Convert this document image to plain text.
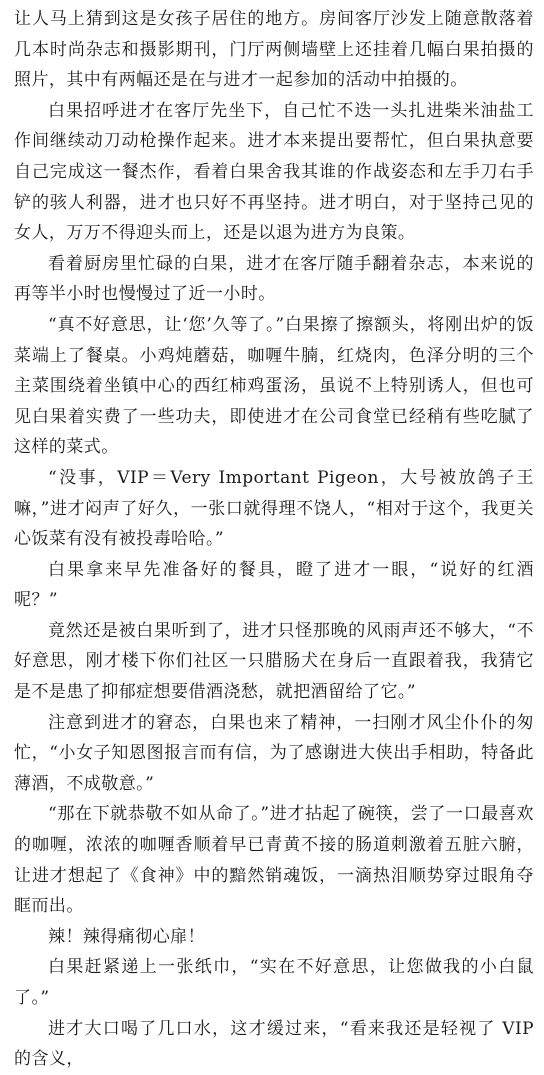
让人马上猜到这是女孩子居住的地方。房间客厅沙发上随意散落着几本时尚杂志和摄影期刊，门厅两侧墙壁上还挂着几幅白果拍摄的照片，其中有两幅还是在与进才一起参加的活动中拍摄的。

白果招呼进才在客厅先坐下，自己忙不迭一头扎进柴米油盐工作间继续动刀动枪操作起来。进才本来提出要帮忙，但白果执意要自己完成这一餐杰作，看着白果舍我其谁的作战姿态和左手刀右手铲的骇人利器，进才也只好不再坚持。进才明白，对于坚持己见的女人，万万不得迎头而上，还是以退为进方为良策。

看着厨房里忙碌的白果，进才在客厅随手翻着杂志，本来说的再等半小时也慢慢过了近一小时。

“真不好意思，让‘您’久等了。”白果擦了擦额头，将刚出炉的饭菜端上了餐桌。小鸡炖蘑菇，咖喱牛腩，红烧肉，色泽分明的三个主菜围绕着坐镇中心的西红柿鸡蛋汤，虽说不上特别诱人，但也可见白果着实费了一些功夫，即使进才在公司食堂已经稍有些吃腻了这样的菜式。

“没事，VIP＝Very Important Pigeon，大号被放鸽子王嘛，”进才闷声了好久，一张口就得理不饶人，“相对于这个，我更关心饭菜有没有被投毒哈哈。”

白果拿来早先准备好的餐具，瞪了进才一眼，“说好的红酒呢？”

竟然还是被白果听到了，进才只怪那晚的风雨声还不够大，“不好意思，刚才楼下你们社区一只腊肠犬在身后一直跟着我，我猜它是不是患了抑郁症想要借酒浇愁，就把酒留给了它。”

注意到进才的窘态，白果也来了精神，一扫刚才风尘仆仆的匆忙，“小女子知恩图报言而有信，为了感谢进大侠出手相助，特备此薄酒，不成敬意。”

“那在下就恭敬不如从命了。”进才拈起了碗筷，尝了一口最喜欢的咖喱，浓浓的咖喱香顺着早已青黄不接的肠道刺激着五脏六腑，让进才想起了《食神》中的黯然销魂饭，一滴热泪顺势穿过眼角夺眶而出。

辣！辣得痛彻心扉！

白果赶紧递上一张纸巾，“实在不好意思，让您做我的小白鼠了。”

进才大口喝了几口水，这才缓过来，“看来我还是轻视了 VIP 的含义，
